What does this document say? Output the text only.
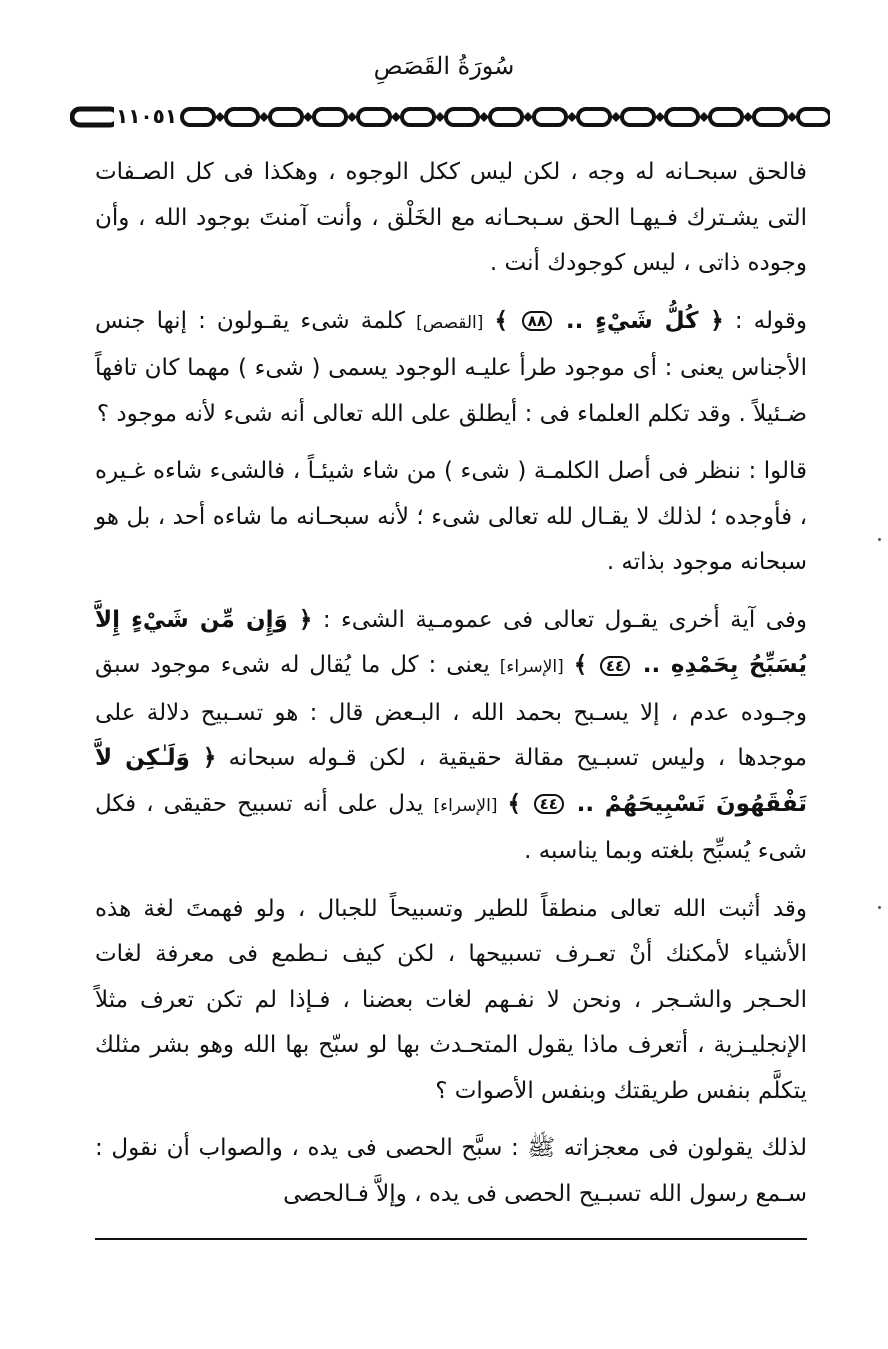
سُورَةُ القَصَصِ
١١٠٥١

فالحق سبحـانه له وجه ، لكن ليس ككل الوجوه ، وهكذا فى كل الصـفات التى يشـترك فـيهـا الحق سـبحـانه مع الخَلْق ، وأنت آمنتَ بوجود الله ، وأن وجوده ذاتى ، ليس كوجودك أنت .

وقوله : ﴿ كُلُّ شَيْءٍ .. ٨٨ ﴾ [القصص] كلمة شىء يقـولون : إنها جنس الأجناس يعنى : أى موجود طرأ عليـه الوجود يسمى ( شىء ) مهما كان تافهاً ضـئيلاً . وقد تكلم العلماء فى : أيطلق على الله تعالى أنه شىء لأنه موجود ؟

قالوا : ننظر فى أصل الكلمـة ( شىء ) من شاء شيئـاً ، فالشىء شاءه غـيره ، فأوجده ؛ لذلك لا يقـال لله تعالى شىء ؛ لأنه سبحـانه ما شاءه أحد ، بل هو سبحانه موجود بذاته .

وفى آية أخرى يقـول تعالى فى عمومـية الشىء : ﴿ وَإِن مِّن شَيْءٍ إِلاَّ يُسَبِّحُ بِحَمْدِهِ .. ٤٤ ﴾ [الإسراء] يعنى : كل ما يُقال له شىء موجود سبق وجـوده عدم ، إلا يسـبح بحمد الله ، البـعض قال : هو تسـبيح دلالة على موجدها ، وليس تسبـيح مقالة حقيقية ، لكن قـوله سبحانه ﴿ وَلَـٰكِن لاَّ تَفْقَهُونَ تَسْبِيحَهُمْ .. ٤٤ ﴾ [الإسراء] يدل على أنه تسبيح حقيقى ، فكل شىء يُسبِّح بلغته وبما يناسبه .

وقد أثبت الله تعالى منطقاً للطير وتسبيحاً للجبال ، ولو فهمتَ لغة هذه الأشياء لأمكنك أنْ تعـرف تسبيحها ، لكن كيف نـطمع فى معرفة لغات الحـجر والشـجر ، ونحن لا نفـهم لغات بعضنا ، فـإذا لم تكن تعرف مثلاً الإنجليـزية ، أتعرف ماذا يقول المتحـدث بها لو سبّح بها الله وهو بشر مثلك يتكلَّم بنفس طريقتك وبنفس الأصوات ؟

لذلك يقولون فى معجزاته ﷺ : سبَّح الحصى فى يده ، والصواب أن نقول : سـمع رسول الله تسبـيح الحصى فى يده ، وإلاَّ فـالحصى
